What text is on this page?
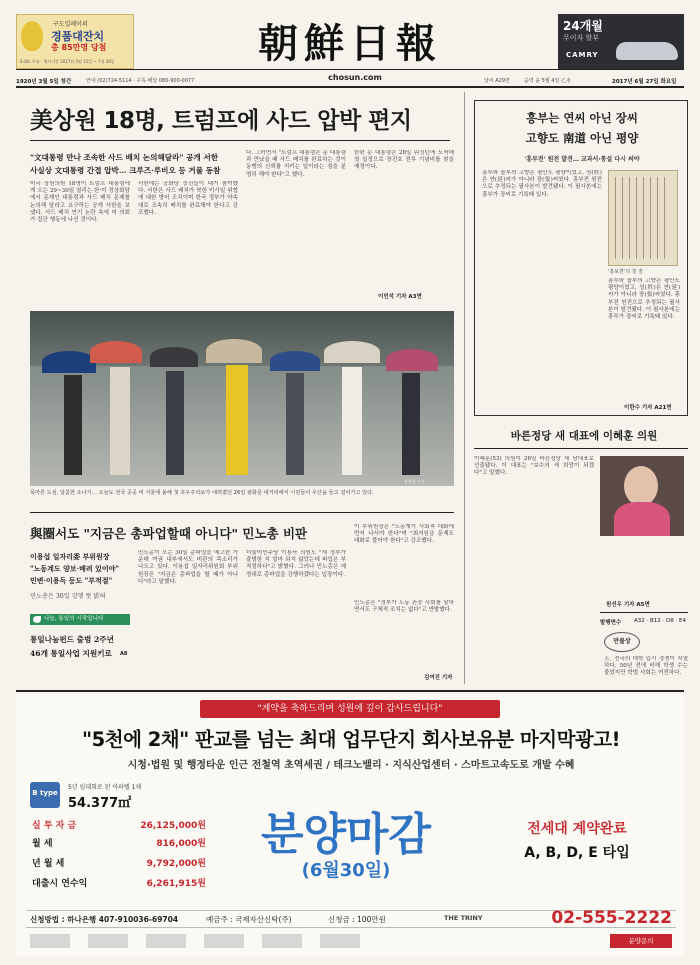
구도일페이퍼
경품대잔치
총 85만명 당첨
S-OIL 주유 · 행사기간 2017년 5월 15일 ~ 7월 30일	朝鮮日報	24개월
무이자 할부
CAMRY
chosun.com
1920년 3월 5일 창간	안내 (02)724-5114 · 구독·배달 080-900-0077	날씨 A29면	음력 윤 5월 4일 乙未	2017년 6월 27일 화요일
美상원 18명, 트럼프에 사드 압박 편지
"文대통령 만나 조속한 사드 배치 논의해달라" 공개 서한
사실상 文대통령 간접 압박… 크루즈·루비오 등 거물 동참
미국 상원의원 18명이 트럼프 대통령에게 오는 29~30일 열리는 한·미 정상회담에서 문재인 대통령과 사드 배치 문제를 논의해 달라고 요구하는 공개 서한을 보냈다. 사드 배치 연기 논란 속에 미 의회가 집단 행동에 나선 것이다.
서한에는 공화당 중진들이 대거 참여했다. 서한은 사드 배치가 북한 미사일 위협에 대한 방어 조치이며 한국 정부가 약속대로 조속히 배치를 완료해야 한다고 강조했다.
다. 그러면서 "트럼프 대통령은 문 대통령과 만났을 때 사드 배치를 완료하는 것이 동맹의 신뢰를 지키는 일이라는 점을 분명히 해야 한다"고 했다.
한편 문 대통령은 28일 워싱턴에 도착해 첫 일정으로 장진호 전투 기념비를 찾을 예정이다.
이민석 기자 A3면
장련성 기자
목마른 도심, 달콤한 소나기… 오늘도 전국 곳곳 비 서울에 올해 첫 호우주의보가 내려졌던 26일 광화문 네거리에서 시민들이 우산을 들고 걸어가고 있다.
與圈서도 "지금은 총파업할때 아니다" 민노총 비판
이용섭 일자리委 부위원장
"노동계도 양보·배려 있어야"
민변·이용득 등도 "부적절"
민노총은 30일 강행 뜻 밝혀
민노총이 오는 30일 총파업을 예고한 가운데 여권 내부에서도 비판의 목소리가 나오고 있다. 이용섭 일자리위원회 부위원장은 "지금은 총파업을 할 때가 아니다"라고 말했다.
더불어민주당 이용득 의원도 "새 정부가 출범한 지 얼마 되지 않았는데 파업은 부적절하다"고 밝혔다. 그러나 민노총은 예정대로 총파업을 강행하겠다는 입장이다.
이 부위원장은 "노동계가 사회적 대화에 먼저 나서야 한다"며 "최저임금 문제도 대화로 풀어야 한다"고 강조했다.
민노총은 "정부가 노동 존중 사회를 말하면서도 구체적 조치는 없다"고 반발했다.
김여진 기자
나눔, 통일의 시작입니다
통일나눔펀드 출범 2주년
46개 통일사업 지원키로 A8
흥부는 연씨 아닌 장씨
고향도 南道 아닌 평양
'흥부전' 원전 발견… 교과서·통설 다시 써야
흥부와 놀부의 고향은 평안도 평양이었고, 성(姓)은 연(延)씨가 아니라 장(張)씨였다. 흥부전 원전으로 추정되는 필사본이 발견됐다. 이 필사본에는 흥부가 장씨로 기록돼 있다.
'흥보젼'의 첫 장
흥부와 놀부의 고향은 평안도 평양이었고, 성(姓)은 연(延)씨가 아니라 장(張)씨였다. 흥부전 원전으로 추정되는 필사본이 발견됐다. 이 필사본에는 흥부가 장씨로 기록돼 있다.
이한수 기자 A21면
바른정당 새 대표에 이혜훈 의원
이혜훈(53) 의원이 26일 바른정당 새 당대표로 선출됐다. 이 대표는 "보수의 새 희망이 되겠다"고 말했다.
원선우 기자 A5면
발행면수 A32 · B12 · D8 · E4
만물상
五, 전국의 대학 입시 경쟁이 치열하다. 50년 전에 비해 학생 수는 줄었지만 학벌 사회는 여전하다.
"계약을 축하드리며 성원에 깊이 감사드립니다"
"5천에 2채" 판교를 넘는 최대 업무단지 회사보유분 마지막광고!
시청·법원 및 행정타운 인근 전철역 초역세권 / 테크노밸리 · 지식산업센터 · 스마트고속도로 개발 수혜
B type
5년 임대회로 된 아파텔 1채
54.377㎡
실 투 자 금	26,125,000원
월 세	816,000원
년 월 세	9,792,000원
대출시 연수익	6,261,915원
분양마감
(6월30일)
전세대 계약완료
A, B, D, E 타입
신청방법 : 하나은행 407-910036-69704	예금주 : 국제자산신탁(주)	신청금 : 100만원	THE TRINY	02-555-2222
분양문의
